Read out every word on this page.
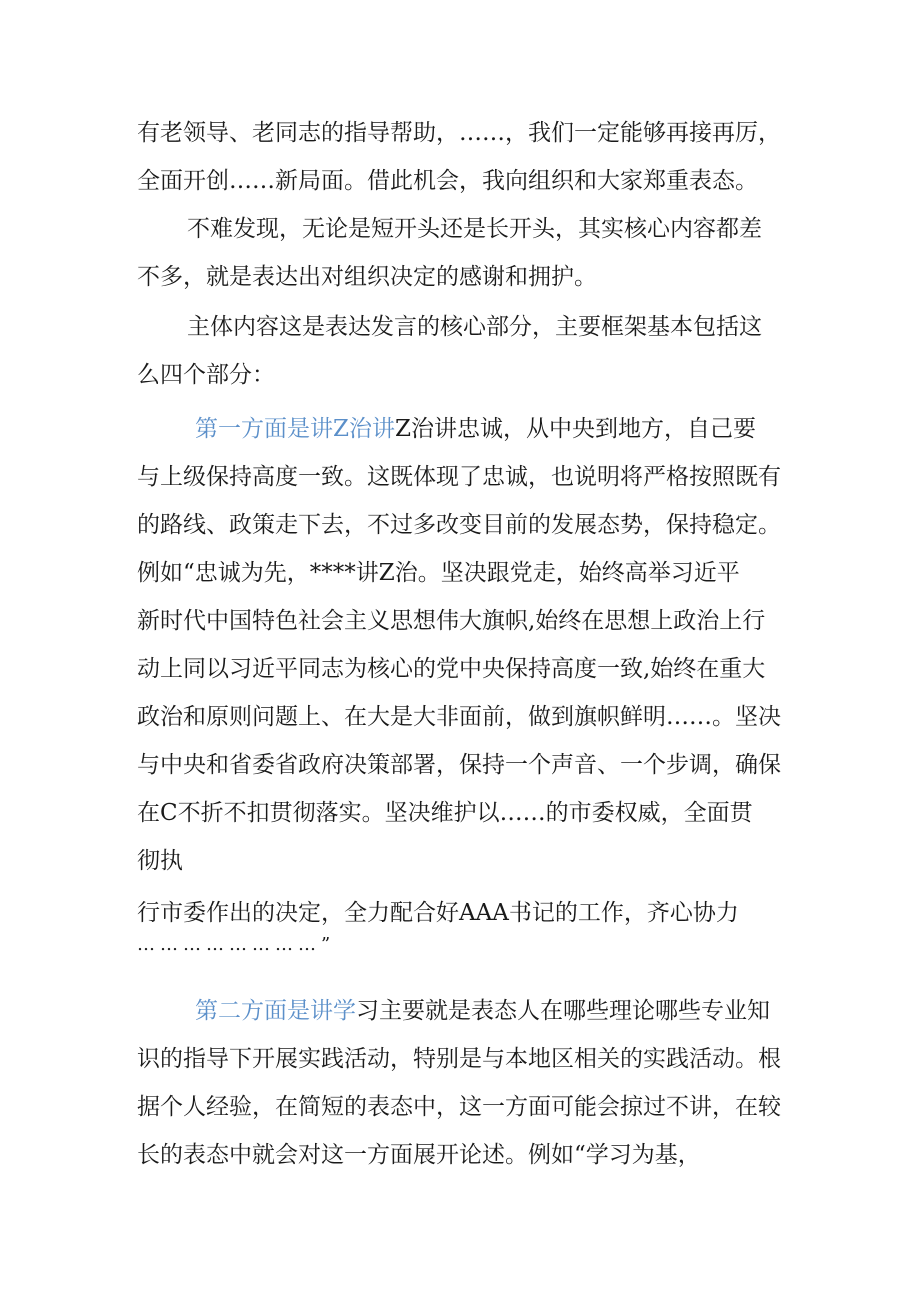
有老领导、老同志的指导帮助，……，我们一定能够再接再厉，
全面开创……新局面。借此机会，我向组织和大家郑重表态。
不难发现，无论是短开头还是长开头，其实核心内容都差
不多，就是表达出对组织决定的感谢和拥护。
主体内容这是表达发言的核心部分，主要框架基本包括这
么四个部分：
第一方面是讲Z治讲Z治讲忠诚，从中央到地方，自己要
与上级保持高度一致。这既体现了忠诚，也说明将严格按照既有
的路线、政策走下去，不过多改变目前的发展态势，保持稳定。
例如“忠诚为先，****讲Z治。坚决跟党走，始终高举习近平
新时代中国特色社会主义思想伟大旗帜,始终在思想上政治上行
动上同以习近平同志为核心的党中央保持高度一致,始终在重大
政治和原则问题上、在大是大非面前，做到旗帜鲜明……。坚决
与中央和省委省政府决策部署，保持一个声音、一个步调，确保
在C不折不扣贯彻落实。坚决维护以……的市委权威，全面贯
彻执
行市委作出的决定，全力配合好AAA书记的工作，齐心协力
……………………”
第二方面是讲学习主要就是表态人在哪些理论哪些专业知
识的指导下开展实践活动，特别是与本地区相关的实践活动。根
据个人经验，在简短的表态中，这一方面可能会掠过不讲，在较
长的表态中就会对这一方面展开论述。例如“学习为基，
